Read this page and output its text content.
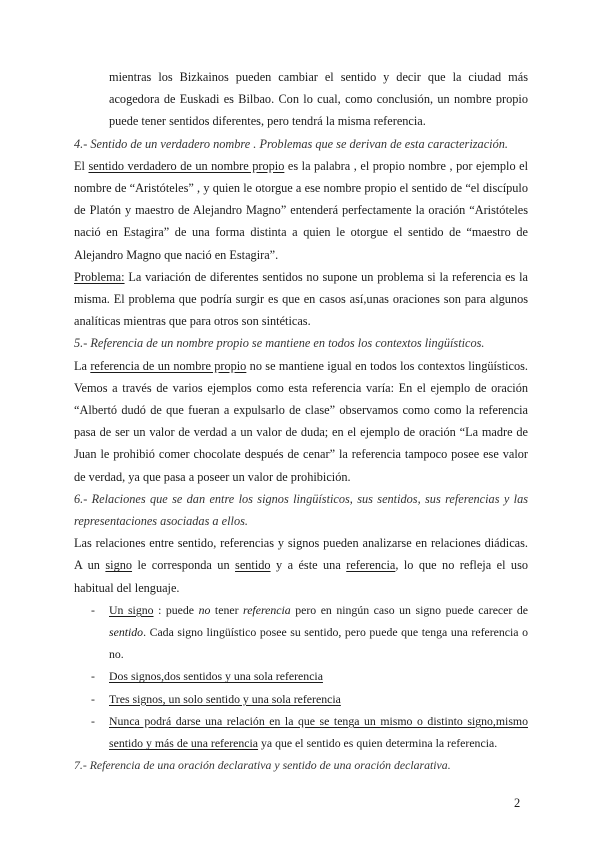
mientras los Bizkainos pueden cambiar el sentido y decir que la ciudad más acogedora de Euskadi es Bilbao. Con lo cual, como conclusión, un nombre propio puede tener sentidos diferentes, pero tendrá la misma referencia.

4.- Sentido de un verdadero nombre . Problemas que se derivan de esta caracterización.

El sentido verdadero de un nombre propio es la palabra , el propio nombre , por ejemplo el nombre de “Aristóteles” , y quien le otorgue a ese nombre propio el sentido de “el discípulo de Platón y maestro de Alejandro Magno” entenderá perfectamente la oración “Aristóteles nació en Estagira” de una forma distinta a quien le otorgue el sentido de “maestro de Alejandro Magno que nació en Estagira”.

Problema: La variación de diferentes sentidos no supone un problema si la referencia es la misma. El problema que podría surgir es que en casos así,unas oraciones son para algunos analíticas mientras que para otros son sintéticas.

5.- Referencia de un nombre propio se mantiene en todos los contextos lingüísticos.

La referencia de un nombre propio no se mantiene igual en todos los contextos lingüísticos. Vemos a través de varios ejemplos como esta referencia varía: En el ejemplo de oración “Albertó dudó de que fueran a expulsarlo de clase” observamos como como la referencia pasa de ser un valor de verdad a un valor de duda; en el ejemplo de oración “La madre de Juan le prohibió comer chocolate después de cenar” la referencia tampoco posee ese valor de verdad, ya que pasa a poseer un valor de prohibición.

6.- Relaciones que se dan entre los signos lingüísticos, sus sentidos, sus referencias y las representaciones asociadas a ellos.

Las relaciones entre sentido, referencias y signos pueden analizarse en relaciones diádicas. A un signo le corresponda un sentido y a éste una referencia, lo que no refleja el uso habitual del lenguaje.

- Un signo : puede no tener referencia pero en ningún caso un signo puede carecer de sentido. Cada signo lingüístico posee su sentido, pero puede que tenga una referencia o no.
- Dos signos,dos sentidos y una sola referencia
- Tres signos, un solo sentido y una sola referencia
- Nunca podrá darse una relación en la que se tenga un mismo o distinto signo,mismo sentido y más de una referencia ya que el sentido es quien determina la referencia.

7.- Referencia de una oración declarativa y sentido de una oración declarativa.

2
